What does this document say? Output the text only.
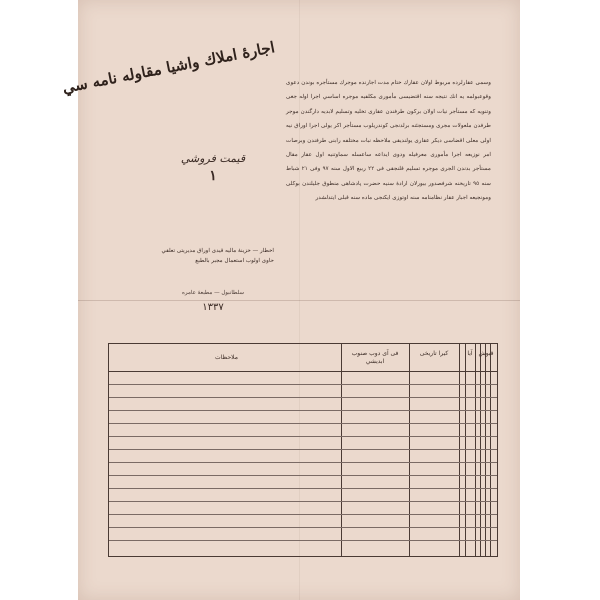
اجارهٔ املاك واشيا مقاوله نامه سي
قيمت فروشي
١
وسمى عقارلرده مربوط اولان عقارك ختام مدت اجارنده موجرك مستأجره بوندن دعوى وقوعبولمه يه انك نتيجه سنه اقتضيسى مأمورى مكلفيه موجره اساسي اجرا اوله جغى وتنويه كه مستأجر نيات اولان بركون طرفندن عقارى تخليه وتسليم لابديه دارگندن موجر طرفدن ملعولات مجرى ومستجئنه برلدنجى كوندريلوب مستأجر اكر يولى اجرا اوراق نيه اولى معلى اقضاسى ديكر عقارى يولنديقى ملاحظه نبات مختلفه رابنى طرفندن وبرصات امر نوزيعه اجرا مأمورى معرفيله ودوى ايداعه ساعسله سماوتنيه اول عقار مقال مستأجر بدندن الجرى موجره تسليم قلنجقى فى ٢٢ ربيع الاول سنه ٩٧ وفى ٢١ شباط سنه ٩٥ تاريخنه شرفصدور بيورلان ارادهٔ سنيه حضرت پادشاهى منطوق جليلندن بوكلى ومونجيعه اجبار عقار نظامنامه سنه اوتوزى ايكنجى ماده سنه قبلى ايتدلشدر
اخطار — خزينهٔ ماليه قيدى اوراق مديريتى تعلقي حاوى اولوب استعمال مجبر بالطبع
سلطانبول — مطبعهٔ عامره
١٣٣٧
ملاحظات
فى آى دوب صنوب ابديشي
كيرا تاريخى	آيا قبوش
